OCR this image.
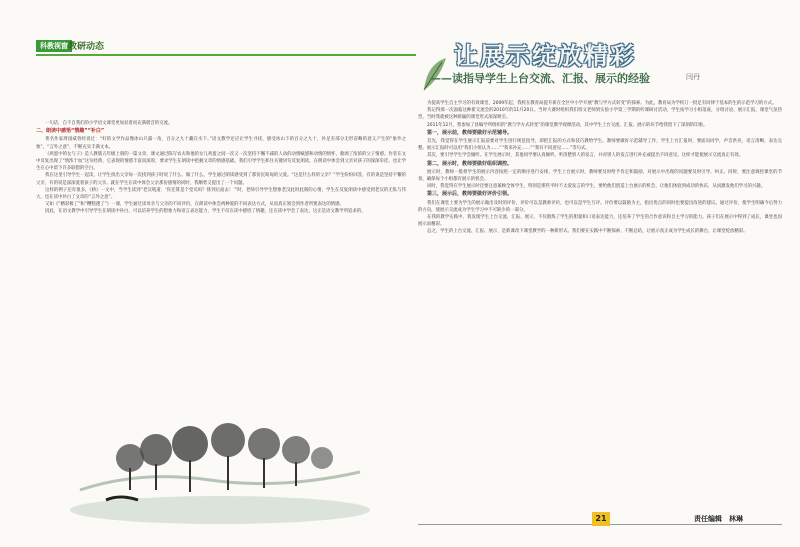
科教视窗 教研动态	让展示绽放精彩
——读指导学生上台交流、汇报、展示的经验	闫丹

一句话，自不自我们的小学语文课堂更加显着而充满谐音的交流。

二、朗读中感悟“情趣”“补白”

著名作家周国威曾经说过：“好的文学作品像冰山只露一角，百分之九十藏在水下。”语文教学还应让学生寻找，感受冰山下的百分之九十，补足有部分无形省略的意义产生的“象外之象”、“言外之意”，不断充实丰满文本。

《鸡蛋中的女与子》是人教版五年级上册的一篇文章，课文通过陈写农夫和他的女儿鸡蛋之间一次又一次坚持不懈不减的人动的动情赋感和动情的情怀，歌颂了浓浓的父子情感。作者在文中反复出现了“情浓于血”这句经典，它表现的情感丰富而深厚，要求学生在朗读中把握文章的情感基础。我们引导学生抓住关键词句反复朗读，在朗读中体会到父亲对孩子的深深牵挂，也让学生在心中留下许多联想的空白。

我在这里引导学生一起读，让学生找出父亲每一次找到孩子时说了什么、做了什么，学生通过朗读感受到了那份沉甸甸的父爱。“这是什么样的父亲？”学生纷纷回答，有的说是坚持不懈的父亲，有的说是深深爱着孩子的父亲。就在学生在读中体会父亲那份感情的同时，我顺势又提出了一个问题。

这样的例子还有很多，《桥》一文中，当学生读到“老汉吼道：‘你还算是个党员吗？排到后面去！’”时，老师引导学生想象老汉此时此刻的心情，学生在反复朗读中感受到老汉的无私与伟大，也在读中补白了文章的“言外之意”。

又如《“精彩极了”和“糟糕透了”》一课，学生通过读母亲与父亲的不同评价，在朗读中体会两种爱的不同表达方式，从而真正领会到作者所要表达的情感。

因此，在语文教学中引导学生在朗读中补白，可以培养学生的想象力和语言表达能力，学生不仅在读中感悟了情趣，还在读中学会了表达，这正是语文教学所追求的。

为提高学生自主学习的有效课堂，2009年起，我校在教育局提升新在全区中小学开展“教与学方式转变”的探索。为此，教育局为学校订一批足有同律于基本的生的示范学习的方式。

我记得那一次面临这种新交流会的2010年的11月20日。当时大赛时组织我们班文老师到实验小学第三学期的听课研讨活动，学生按学习小组落座，分组讨论、展示汇报，课堂气氛热烈，当时我就被这种新颖的课堂形式深深吸引。

2011年12月，我参加了县编学所组织的“教与学方式转变”的课堂教学观摩活动，其中学生上台交流、汇报、展示的环节给我留下了深刻的印象。

第一，展示前，教师要做好示范辅导。

首先，我觉得在学生展示汇报前要对学生进行规范指导，即把汇报的方式和技巧教给学生。教师要做好示范辅导工作，学生上台汇报时，要面向同学，声音洪亮，语言清晰，表达完整。展示汇报时可以用“我们小组认为……”“我来补充……”“我有不同意见……”等句式。

其次，要引导学生学会倾听。在学生展示时，其他同学要认真倾听，听清楚别人的发言，并对别人的发言进行补充或提出不同意见。这样才能使展示交流真正有效。

第二，展示时，教师要做好组织调控。

展示时，教师一般将学生的展示内容按照一定的顺序进行安排，学生上台展示时，教师要及时给予肯定和鼓励，对展示中出现的问题要及时引导、纠正。同时，要注意调控课堂的节奏，确保每个小组都有展示的机会。

同时，我觉得在学生展示时还要注意兼顾全体学生，特别是那些平时不太爱发言的学生，要给他们创造上台展示的机会，让他们体验到成功的快乐，从而激发他们学习的兴趣。

第三，展示后，教师要做好评价引领。

我们在课堂上要为学生的展示做出及时的评价，评价可以是教师评价，也可以是学生互评。评价要以鼓励为主，指出优点的同时也要提出改进的建议。通过评价，使学生明确今后努力的方向，使展示交流成为学生学习中不可缺少的一部分。

在我的教学实践中，我发现学生上台交流、汇报、展示，不仅锻炼了学生的胆量和口语表达能力，还培养了学生的合作意识和自主学习的能力。孩子们在展示中得到了成长，课堂也因展示而精彩。

总之，学生的上台交流、汇报、展示，是新课改下课堂教学的一种新形式。我们要在实践中不断探索、不断总结，让展示真正成为学生成长的舞台，让课堂绽放精彩。

21	责任编辑　林琳
